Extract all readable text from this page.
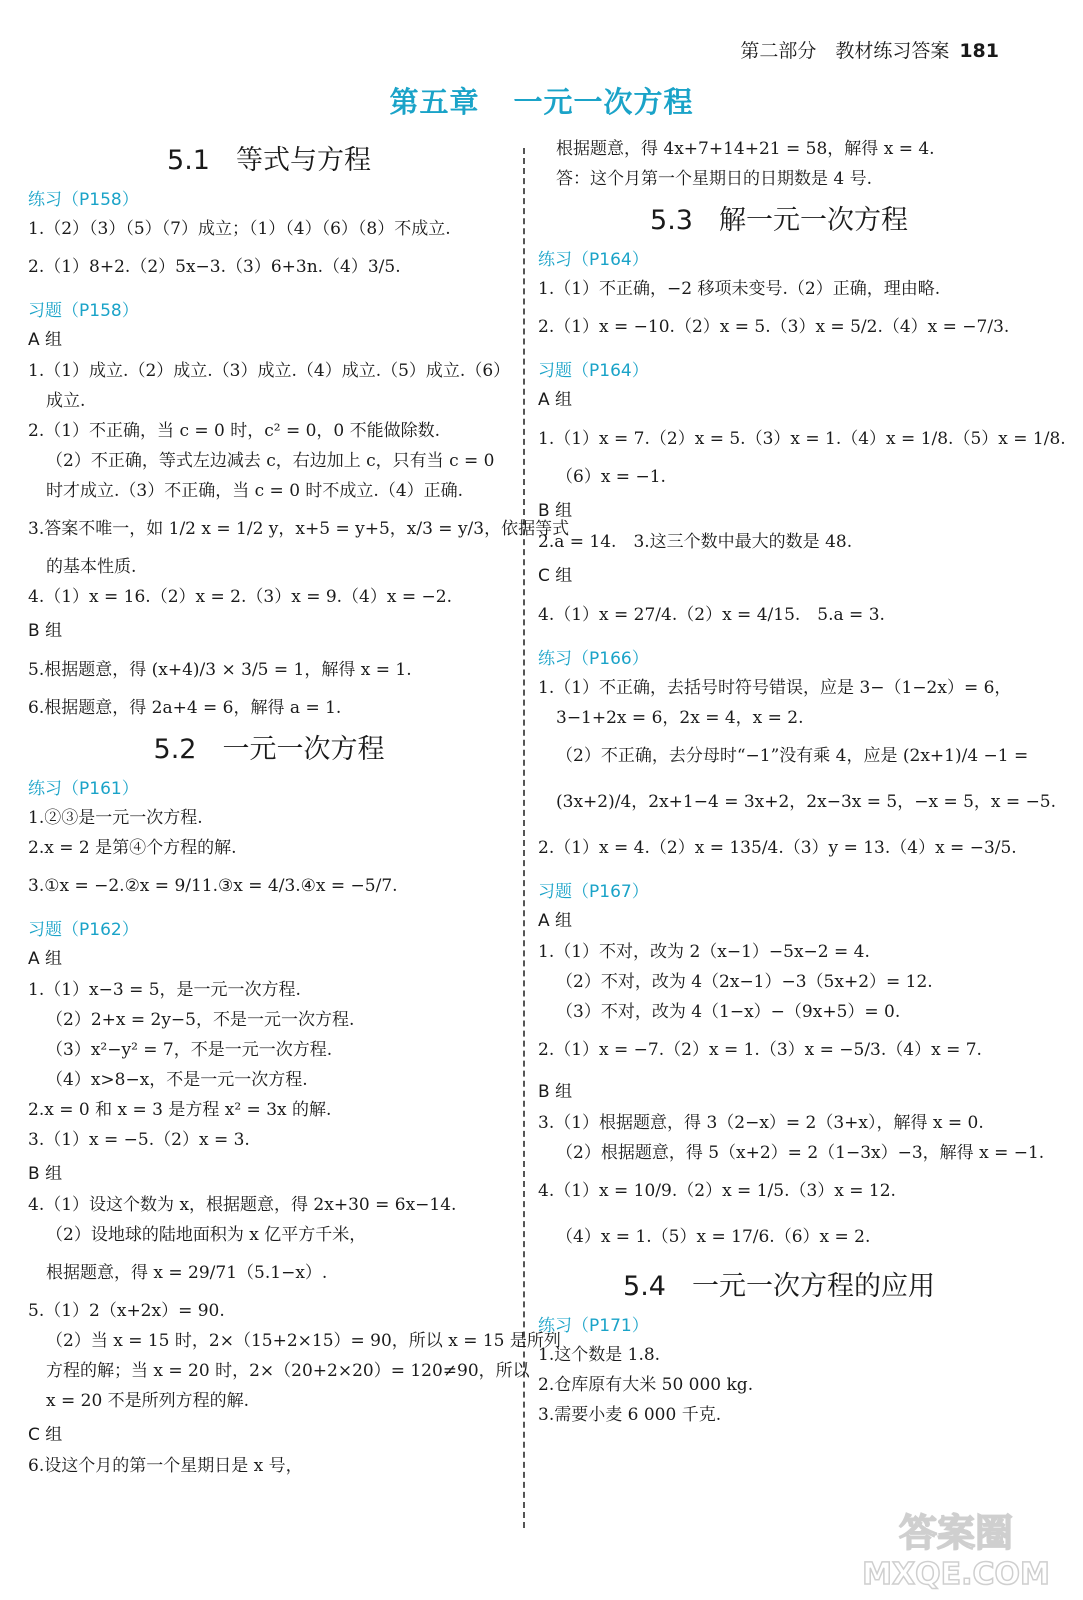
第二部分　教材练习答案 181
第五章 一元一次方程
5.1 等式与方程
练习（P158）
1.（2）（3）（5）（7）成立；（1）（4）（6）（8）不成立.
2.（1）8+2.（2）5x−3.（3）6+3n.（4）3/5.
习题（P158）
A 组
1.（1）成立.（2）成立.（3）成立.（4）成立.（5）成立.（6）
成立.
2.（1）不正确，当 c = 0 时，c² = 0，0 不能做除数.
（2）不正确，等式左边减去 c，右边加上 c，只有当 c = 0
时才成立.（3）不正确，当 c = 0 时不成立.（4）正确.
3.答案不唯一，如 1/2 x = 1/2 y，x+5 = y+5，x/3 = y/3，依据等式
的基本性质.
4.（1）x = 16.（2）x = 2.（3）x = 9.（4）x = −2.
B 组
5.根据题意，得 (x+4)/3 × 3/5 = 1，解得 x = 1.
6.根据题意，得 2a+4 = 6，解得 a = 1.
5.2 一元一次方程
练习（P161）
1.②③是一元一次方程.
2.x = 2 是第④个方程的解.
3.①x = −2.②x = 9/11.③x = 4/3.④x = −5/7.
习题（P162）
A 组
1.（1）x−3 = 5，是一元一次方程.
（2）2+x = 2y−5，不是一元一次方程.
（3）x²−y² = 7，不是一元一次方程.
（4）x>8−x，不是一元一次方程.
2.x = 0 和 x = 3 是方程 x² = 3x 的解.
3.（1）x = −5.（2）x = 3.
B 组
4.（1）设这个数为 x，根据题意，得 2x+30 = 6x−14.
（2）设地球的陆地面积为 x 亿平方千米，
根据题意，得 x = 29/71（5.1−x）.
5.（1）2（x+2x）= 90.
（2）当 x = 15 时，2×（15+2×15）= 90，所以 x = 15 是所列
方程的解；当 x = 20 时，2×（20+2×20）= 120≠90，所以
x = 20 不是所列方程的解.
C 组
6.设这个月的第一个星期日是 x 号，
根据题意，得 4x+7+14+21 = 58，解得 x = 4.
答：这个月第一个星期日的日期数是 4 号.
5.3 解一元一次方程
练习（P164）
1.（1）不正确，−2 移项未变号.（2）正确，理由略.
2.（1）x = −10.（2）x = 5.（3）x = 5/2.（4）x = −7/3.
习题（P164）
A 组
1.（1）x = 7.（2）x = 5.（3）x = 1.（4）x = 1/8.（5）x = 1/8.
（6）x = −1.
B 组
2.a = 14.　3.这三个数中最大的数是 48.
C 组
4.（1）x = 27/4.（2）x = 4/15.　5.a = 3.
练习（P166）
1.（1）不正确，去括号时符号错误，应是 3−（1−2x）= 6，
3−1+2x = 6，2x = 4，x = 2.
（2）不正确，去分母时“−1”没有乘 4，应是 (2x+1)/4 −1 =
(3x+2)/4，2x+1−4 = 3x+2，2x−3x = 5，−x = 5，x = −5.
2.（1）x = 4.（2）x = 135/4.（3）y = 13.（4）x = −3/5.
习题（P167）
A 组
1.（1）不对，改为 2（x−1）−5x−2 = 4.
（2）不对，改为 4（2x−1）−3（5x+2）= 12.
（3）不对，改为 4（1−x）−（9x+5）= 0.
2.（1）x = −7.（2）x = 1.（3）x = −5/3.（4）x = 7.
B 组
3.（1）根据题意，得 3（2−x）= 2（3+x），解得 x = 0.
（2）根据题意，得 5（x+2）= 2（1−3x）−3，解得 x = −1.
4.（1）x = 10/9.（2）x = 1/5.（3）x = 12.
（4）x = 1.（5）x = 17/6.（6）x = 2.
5.4 一元一次方程的应用
练习（P171）
1.这个数是 1.8.
2.仓库原有大米 50 000 kg.
3.需要小麦 6 000 千克.
答案圈
MXQE.COM
